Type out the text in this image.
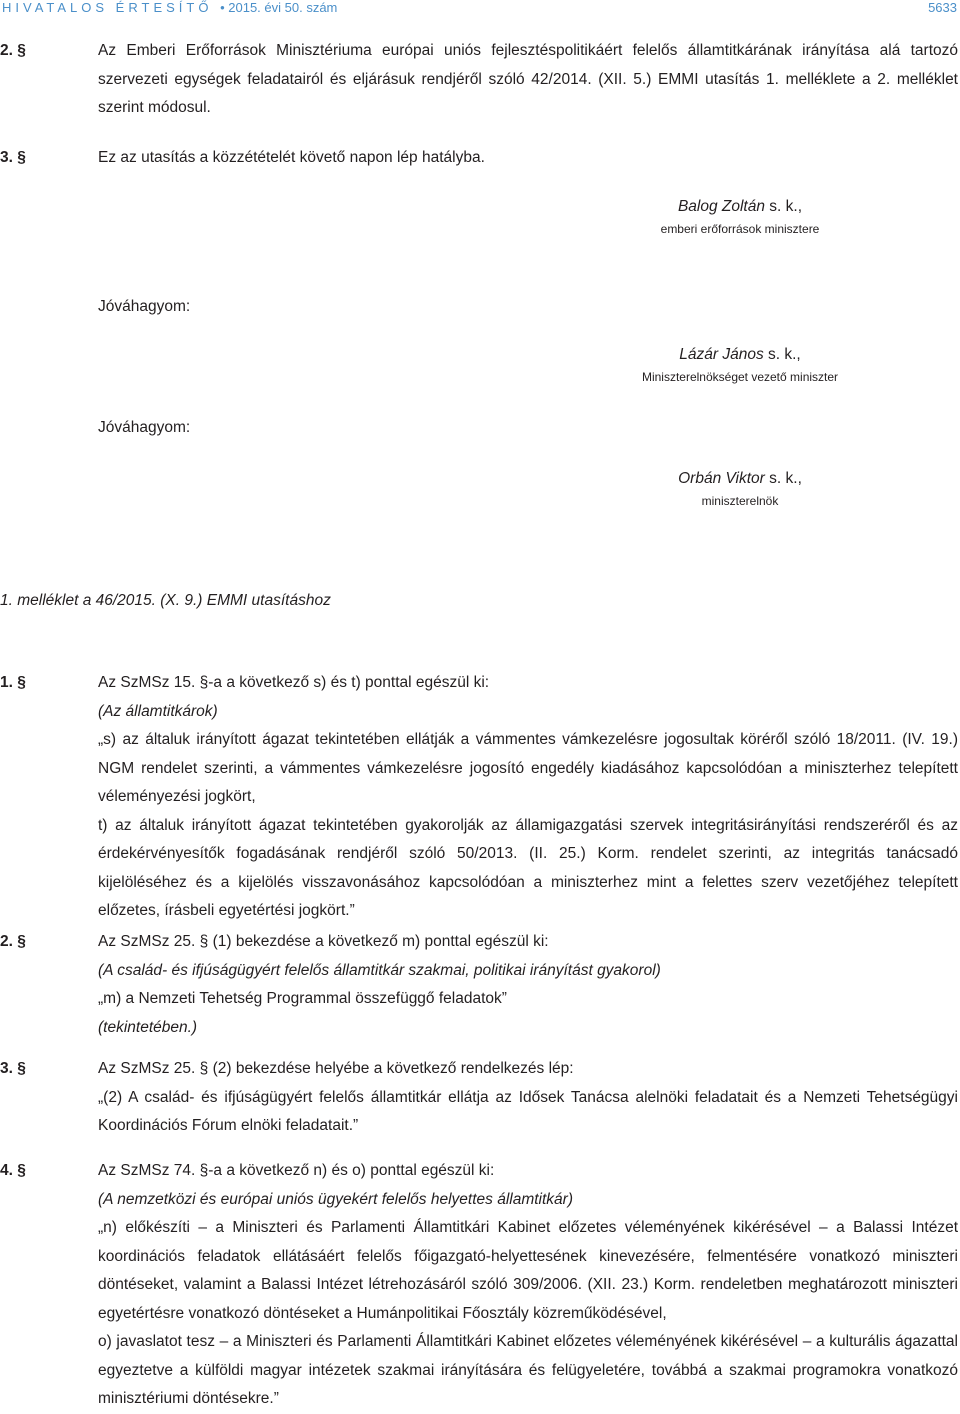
HIVATALOS ÉRTESÍTŐ • 2015. évi 50. szám	5633
2. §	Az Emberi Erőforrások Minisztériuma európai uniós fejlesztéspolitikáért felelős államtitkárának irányítása alá tartozó szervezeti egységek feladatairól és eljárásuk rendjéről szóló 42/2014. (XII. 5.) EMMI utasítás 1. melléklete a 2. melléklet szerint módosul.
3. §	Ez az utasítás a közzétételét követő napon lép hatályba.
Balog Zoltán s. k.,
emberi erőforrások minisztere
Jóváhagyom:
Lázár János s. k.,
Miniszterelnökséget vezető miniszter
Jóváhagyom:
Orbán Viktor s. k.,
miniszterelnök
1. melléklet a 46/2015. (X. 9.) EMMI utasításhoz
1. §	Az SzMSz 15. §-a a következő s) és t) ponttal egészül ki:
(Az államtitkárok)
„s) az általuk irányított ágazat tekintetében ellátják a vámmentes vámkezelésre jogosultak köréről szóló 18/2011. (IV. 19.) NGM rendelet szerinti, a vámmentes vámkezelésre jogosító engedély kiadásához kapcsolódóan a miniszterhez telepített véleményezési jogkört,
t) az általuk irányított ágazat tekintetében gyakorolják az államigazgatási szervek integritásirányítási rendszeréről és az érdekérvényesítők fogadásának rendjéről szóló 50/2013. (II. 25.) Korm. rendelet szerinti, az integritás tanácsadó kijelöléséhez és a kijelölés visszavonásához kapcsolódóan a miniszterhez mint a felettes szerv vezetőjéhez telepített előzetes, írásbeli egyetértési jogkört.”
2. §	Az SzMSz 25. § (1) bekezdése a következő m) ponttal egészül ki:
(A család- és ifjúságügyért felelős államtitkár szakmai, politikai irányítást gyakorol)
„m) a Nemzeti Tehetség Programmal összefüggő feladatok”
(tekintetében.)
3. §	Az SzMSz 25. § (2) bekezdése helyébe a következő rendelkezés lép:
„(2) A család- és ifjúságügyért felelős államtitkár ellátja az Idősek Tanácsa alelnöki feladatait és a Nemzeti Tehetségügyi Koordinációs Fórum elnöki feladatait.”
4. §	Az SzMSz 74. §-a a következő n) és o) ponttal egészül ki:
(A nemzetközi és európai uniós ügyekért felelős helyettes államtitkár)
„n) előkészíti – a Miniszteri és Parlamenti Államtitkári Kabinet előzetes véleményének kikérésével – a Balassi Intézet koordinációs feladatok ellátásáért felelős főigazgató-helyettesének kinevezésére, felmentésére vonatkozó miniszteri döntéseket, valamint a Balassi Intézet létrehozásáról szóló 309/2006. (XII. 23.) Korm. rendeletben meghatározott miniszteri egyetértésre vonatkozó döntéseket a Humánpolitikai Főosztály közreműködésével,
o) javaslatot tesz – a Miniszteri és Parlamenti Államtitkári Kabinet előzetes véleményének kikérésével – a kulturális ágazattal egyeztetve a külföldi magyar intézetek szakmai irányítására és felügyeletére, továbbá a szakmai programokra vonatkozó minisztériumi döntésekre.”
